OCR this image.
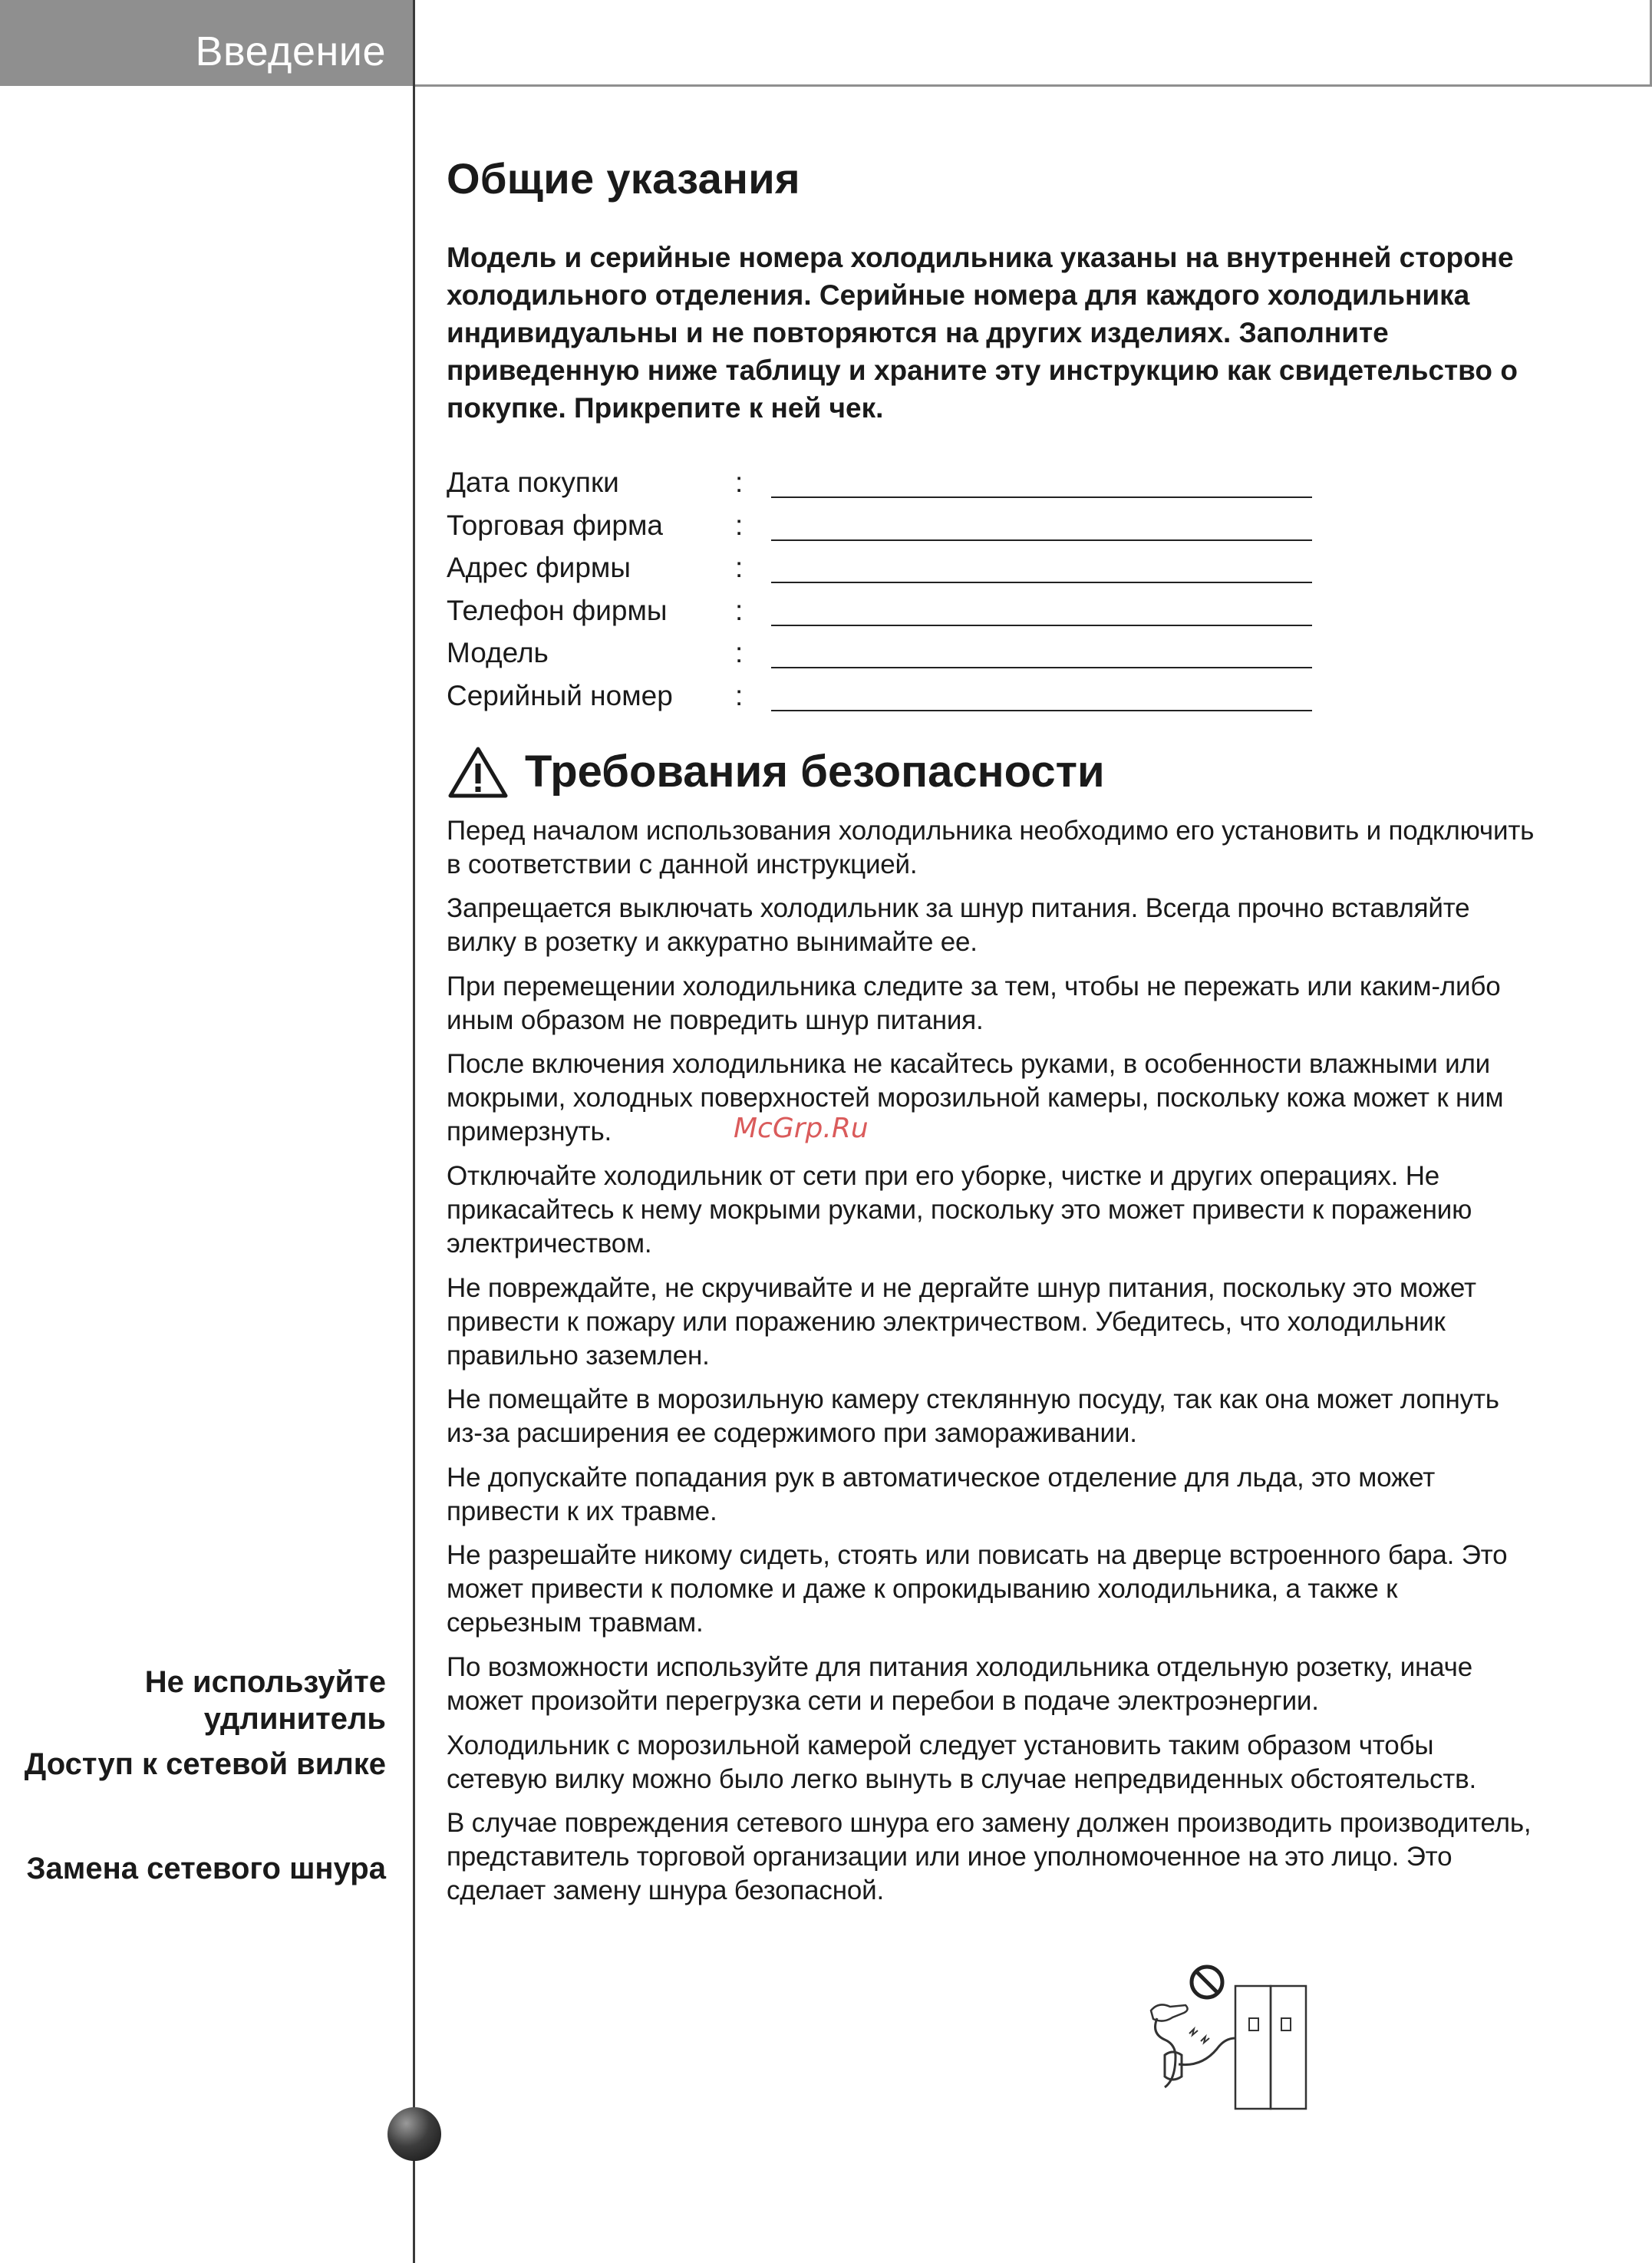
Введение
Общие указания

Модель и серийные номера холодильника указаны на внутренней стороне холодильного отделения. Серийные номера для каждого холодильника индивидуальны и не повторяются на других изделиях. Заполните приведенную ниже таблицу и храните эту инструкцию как свидетельство о покупке. Прикрепите к ней чек.

Дата покупки	:
Торговая фирма	:
Адрес фирмы	:
Телефон фирмы :
Модель	:
Серийный номер :
Требования безопасности

Перед началом использования холодильника необходимо его установить и подключить в соответствии с данной инструкцией.

Запрещается выключать холодильник за шнур питания. Всегда прочно вставляйте вилку в розетку и аккуратно вынимайте ее.

При перемещении холодильника следите за тем, чтобы не пережать или каким-либо иным образом не повредить шнур питания.

После включения холодильника не касайтесь руками, в особенности влажными или мокрыми, холодных поверхностей морозильной камеры, поскольку кожа может к ним примерзнуть.

Отключайте холодильник от сети при его уборке, чистке и других операциях. Не прикасайтесь к нему мокрыми руками, поскольку это может привести к поражению электричеством.

Не повреждайте, не скручивайте и не дергайте шнур питания, поскольку это может привести к пожару или поражению электричеством. Убедитесь, что холодильник правильно заземлен.

Не помещайте в морозильную камеру стеклянную посуду, так как она может лопнуть из-за расширения ее содержимого при замораживании.

Не допускайте попадания рук в автоматическое отделение для льда, это может привести к их травме.

Не разрешайте никому сидеть, стоять или повисать на дверце встроенного бара. Это может привести к поломке и даже к опрокидыванию холодильника, а также к серьезным травмам.

По возможности используйте для питания холодильника отдельную розетку, иначе может произойти перегрузка сети и перебои в подаче электроэнергии.

Холодильник с морозильной камерой следует установить таким образом чтобы сетевую вилку можно было легко вынуть в случае непредвиденных обстоятельств.

В случае повреждения сетевого шнура его замену должен производить производитель, представитель торговой организации или иное уполномоченное на это лицо. Это сделает замену шнура безопасной.

Не используйте удлинитель
Доступ к сетевой вилке
Замена сетевого шнура
McGrp.Ru
